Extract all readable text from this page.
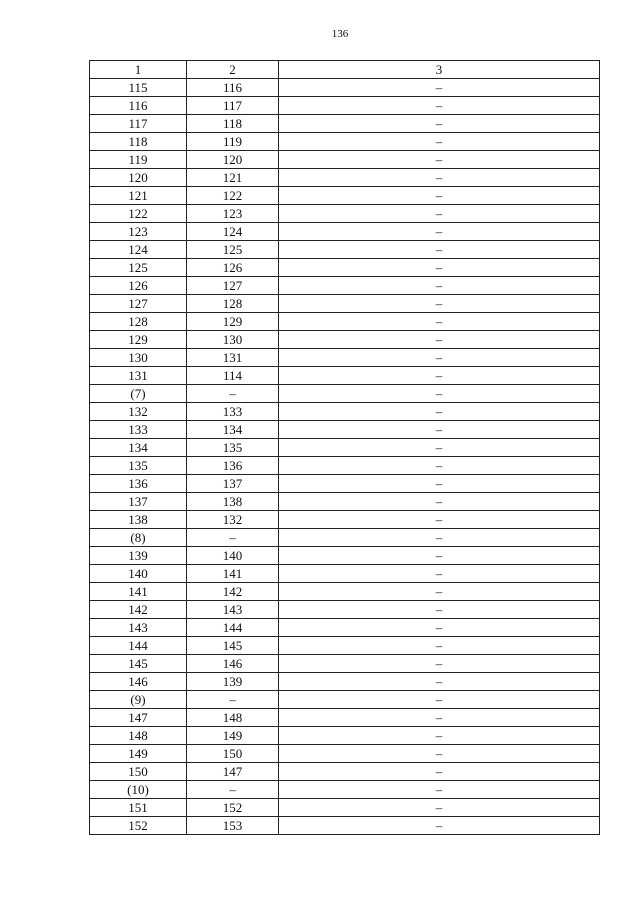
136
1	2	3
115	116	–
116	117	–
117	118	–
118	119	–
119	120	–
120	121	–
121	122	–
122	123	–
123	124	–
124	125	–
125	126	–
126	127	–
127	128	–
128	129	–
129	130	–
130	131	–
131	114	–
(7)	–	–
132	133	–
133	134	–
134	135	–
135	136	–
136	137	–
137	138	–
138	132	–
(8)	–	–
139	140	–
140	141	–
141	142	–
142	143	–
143	144	–
144	145	–
145	146	–
146	139	–
(9)	–	–
147	148	–
148	149	–
149	150	–
150	147	–
(10)	–	–
151	152	–
152	153	–
